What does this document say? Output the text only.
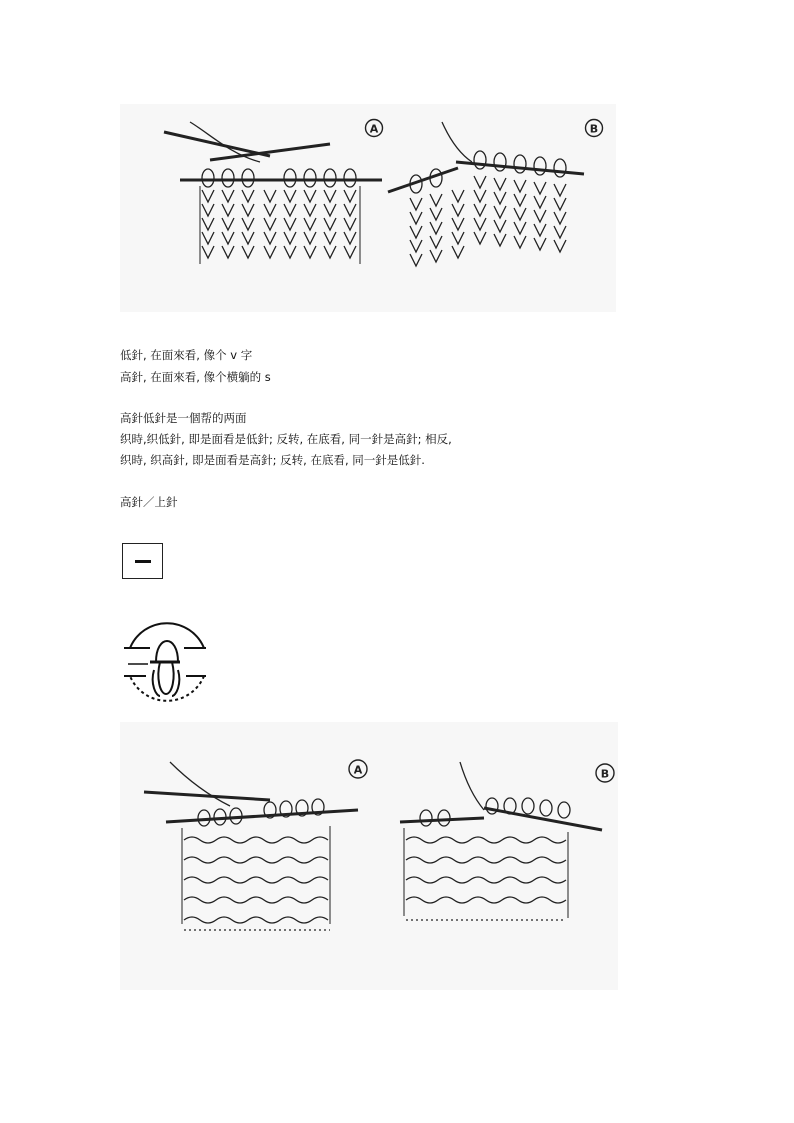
A	B
低針, 在面來看, 像个 v 字
高針, 在面來看, 像个横躺的 s
高針低針是一個帮的两面
织時,织低針, 即是面看是低針; 反转, 在底看, 同一針是高針; 相反,
织時, 织高針, 即是面看是高針; 反转, 在底看, 同一針是低針.
高針／上針
A	B
